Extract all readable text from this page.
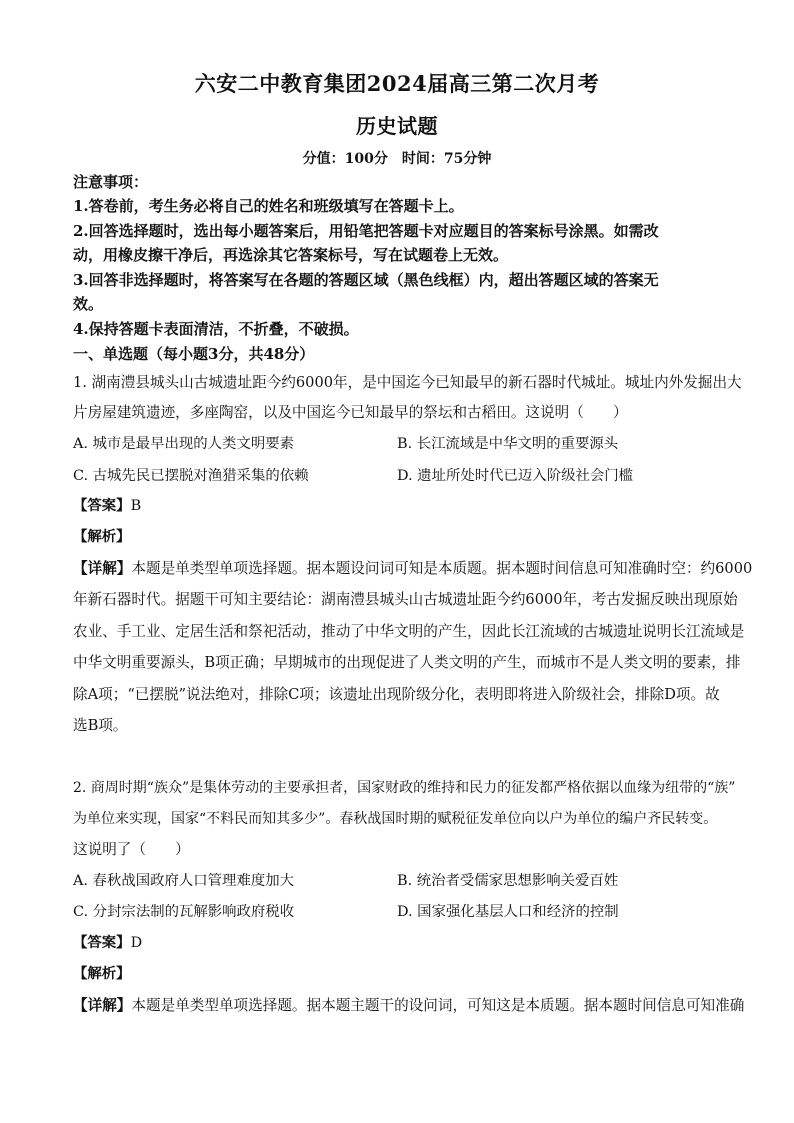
六安二中教育集团2024届高三第二次月考
历史试题
分值：100分　时间：75分钟
注意事项：
1.答卷前，考生务必将自己的姓名和班级填写在答题卡上。
2.回答选择题时，选出每小题答案后，用铅笔把答题卡对应题目的答案标号涂黑。如需改
动，用橡皮擦干净后，再选涂其它答案标号，写在试题卷上无效。
3.回答非选择题时，将答案写在各题的答题区域（黑色线框）内，超出答题区域的答案无
效。
4.保持答题卡表面清洁，不折叠，不破损。
一、单选题（每小题3分，共48分）
1. 湖南澧县城头山古城遗址距今约6000年，是中国迄今已知最早的新石器时代城址。城址内外发掘出大
片房屋建筑遗迹，多座陶窑，以及中国迄今已知最早的祭坛和古稻田。这说明（　　）
A. 城市是最早出现的人类文明要素	B. 长江流域是中华文明的重要源头
C. 古城先民已摆脱对渔猎采集的依赖	D. 遗址所处时代已迈入阶级社会门槛
【答案】B
【解析】
【详解】本题是单类型单项选择题。据本题设问词可知是本质题。据本题时间信息可知准确时空：约6000
年新石器时代。据题干可知主要结论：湖南澧县城头山古城遗址距今约6000年，考古发掘反映出现原始
农业、手工业、定居生活和祭祀活动，推动了中华文明的产生，因此长江流域的古城遗址说明长江流域是
中华文明重要源头，B项正确；早期城市的出现促进了人类文明的产生，而城市不是人类文明的要素，排
除A项；“已摆脱”说法绝对，排除C项；该遗址出现阶级分化，表明即将进入阶级社会，排除D项。故
选B项。
2. 商周时期“族众”是集体劳动的主要承担者，国家财政的维持和民力的征发都严格依据以血缘为纽带的“族”
为单位来实现，国家“不料民而知其多少”。春秋战国时期的赋税征发单位向以户为单位的编户齐民转变。
这说明了（　　）
A. 春秋战国政府人口管理难度加大	B. 统治者受儒家思想影响关爱百姓
C. 分封宗法制的瓦解影响政府税收	D. 国家强化基层人口和经济的控制
【答案】D
【解析】
【详解】本题是单类型单项选择题。据本题主题干的设问词，可知这是本质题。据本题时间信息可知准确
